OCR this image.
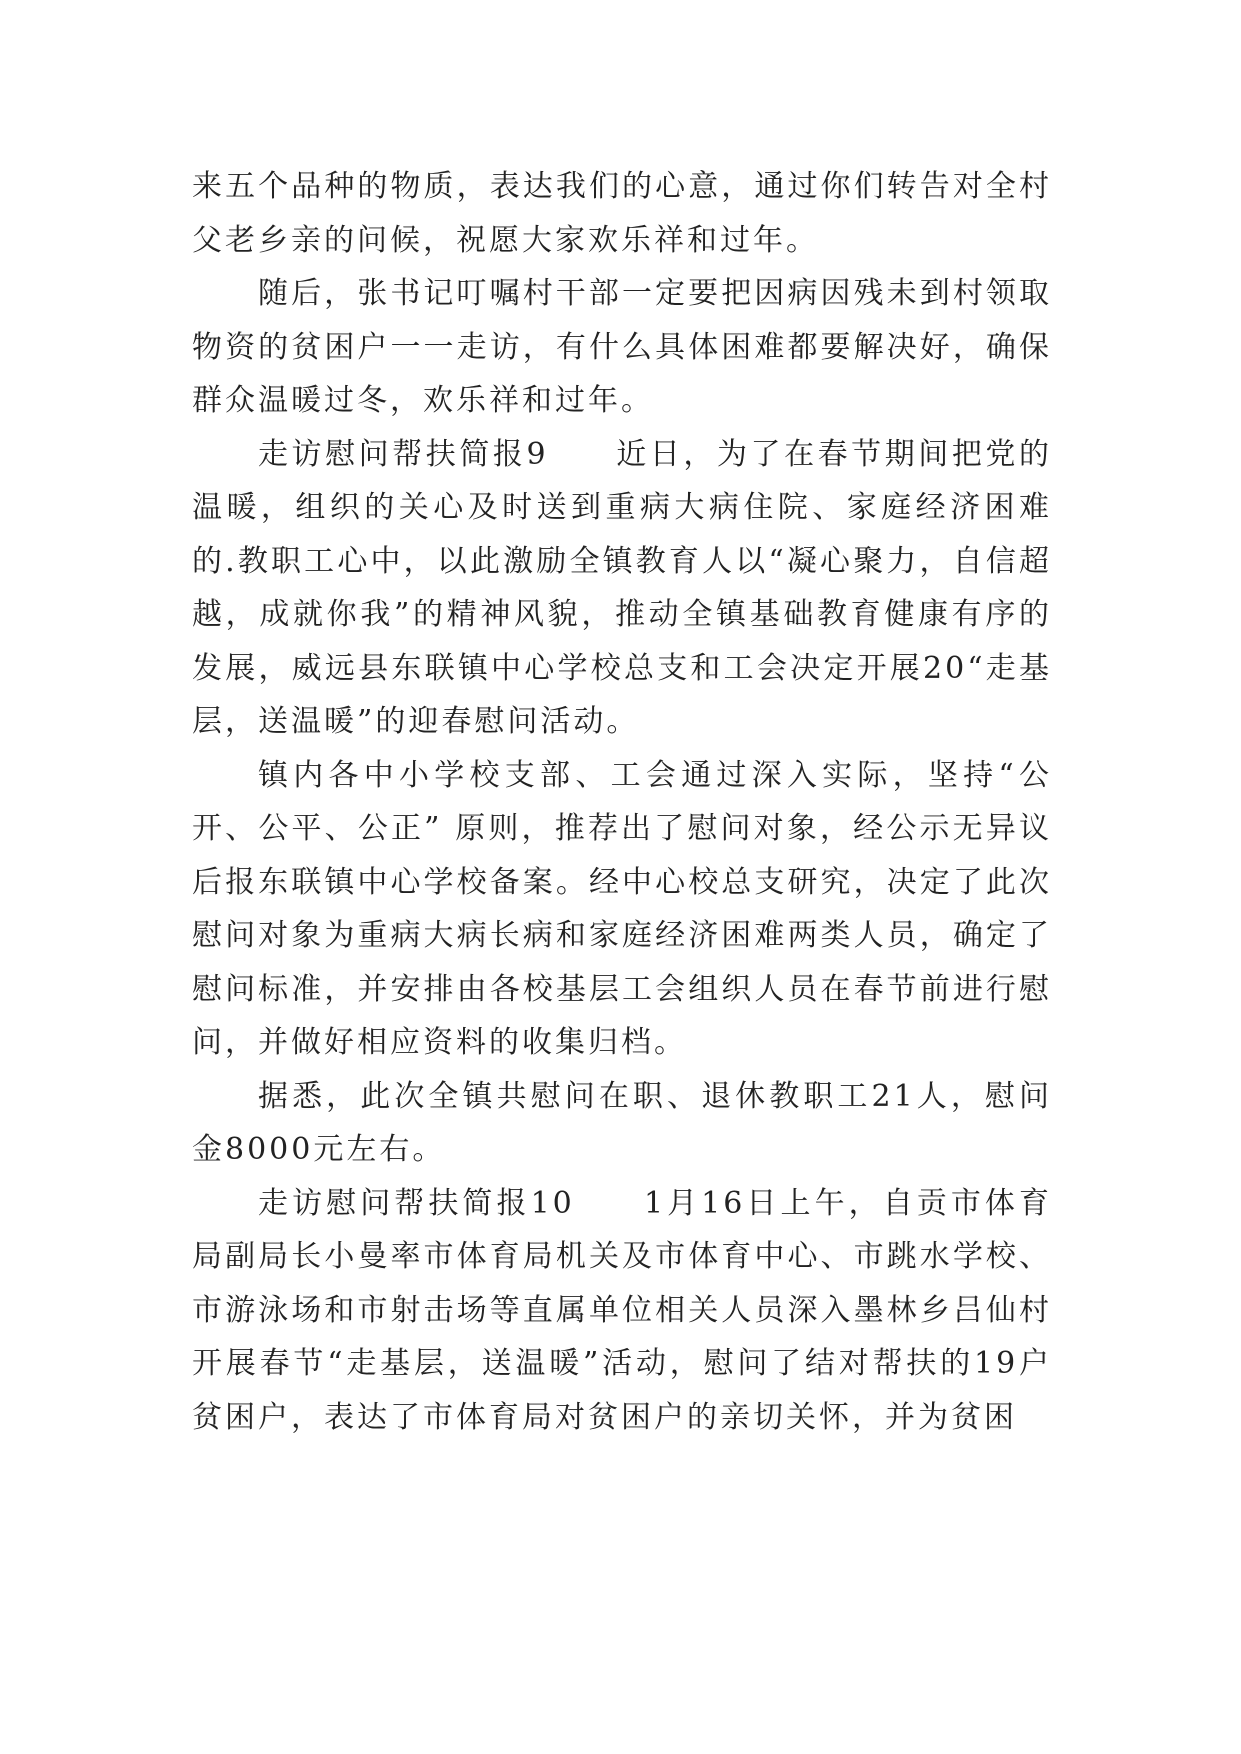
来五个品种的物质，表达我们的心意，通过你们转告对全村父老乡亲的问候，祝愿大家欢乐祥和过年。

随后，张书记叮嘱村干部一定要把因病因残未到村领取物资的贫困户一一走访，有什么具体困难都要解决好，确保群众温暖过冬，欢乐祥和过年。

走访慰问帮扶简报9　　近日，为了在春节期间把党的温暖，组织的关心及时送到重病大病住院、家庭经济困难的.教职工心中，以此激励全镇教育人以“凝心聚力，自信超越，成就你我”的精神风貌，推动全镇基础教育健康有序的发展，威远县东联镇中心学校总支和工会决定开展20“走基层，送温暖”的迎春慰问活动。

镇内各中小学校支部、工会通过深入实际，坚持“公开、公平、公正” 原则，推荐出了慰问对象，经公示无异议后报东联镇中心学校备案。经中心校总支研究，决定了此次慰问对象为重病大病长病和家庭经济困难两类人员，确定了慰问标准，并安排由各校基层工会组织人员在春节前进行慰问，并做好相应资料的收集归档。

据悉，此次全镇共慰问在职、退休教职工21人，慰问金8000元左右。

走访慰问帮扶简报10　　1月16日上午，自贡市体育局副局长小曼率市体育局机关及市体育中心、市跳水学校、市游泳场和市射击场等直属单位相关人员深入墨林乡吕仙村开展春节“走基层，送温暖”活动，慰问了结对帮扶的19户贫困户，表达了市体育局对贫困户的亲切关怀，并为贫困
